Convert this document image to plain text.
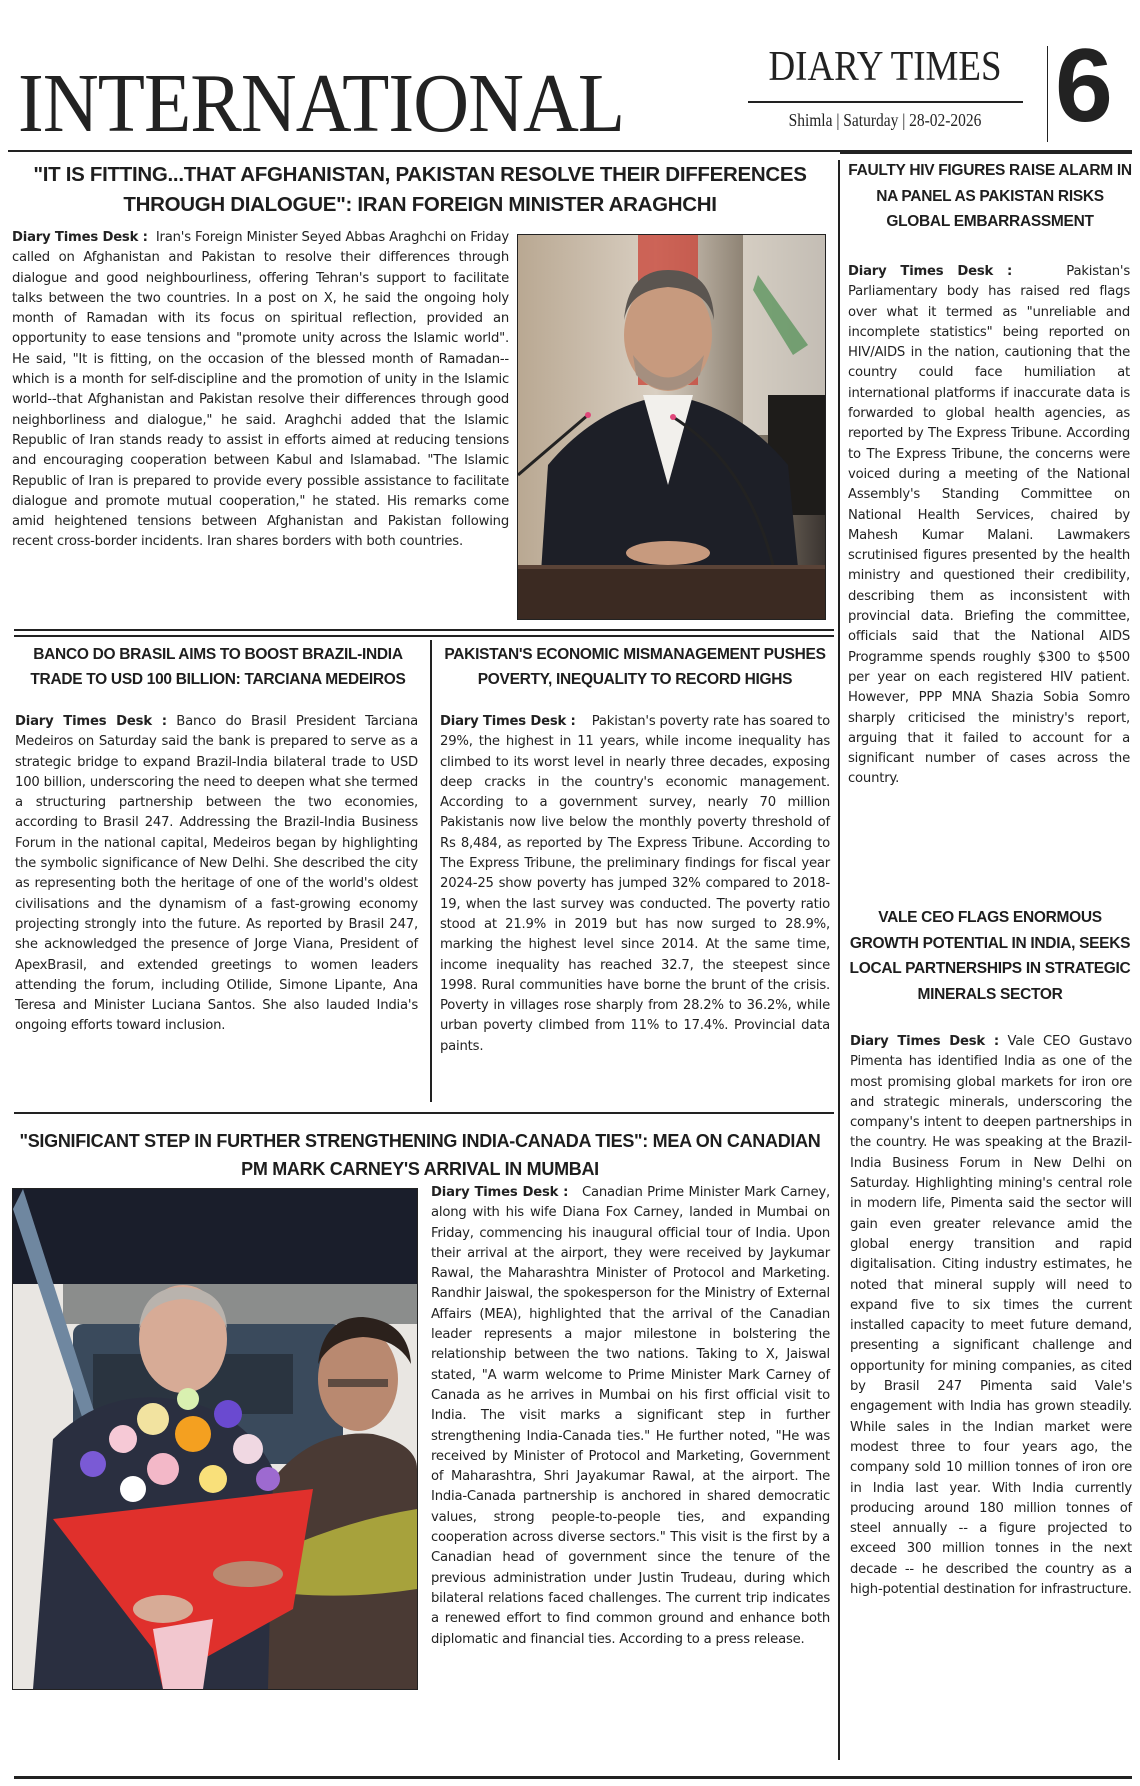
INTERNATIONAL	DIARY TIMES
Shimla | Saturday | 28-02-2026 6
"IT IS FITTING...THAT AFGHANISTAN, PAKISTAN RESOLVE THEIR DIFFERENCES THROUGH DIALOGUE": IRAN FOREIGN MINISTER ARAGHCHI

Diary Times Desk : Iran's Foreign Minister Seyed Abbas Araghchi on Friday called on Afghanistan and Pakistan to resolve their differences through dialogue and good neighbourliness, offering Tehran's support to facilitate talks between the two countries. In a post on X, he said the ongoing holy month of Ramadan with its focus on spiritual reflection, provided an opportunity to ease tensions and "promote unity across the Islamic world". He said, "It is fitting, on the occasion of the blessed month of Ramadan--which is a month for self-discipline and the promotion of unity in the Islamic world--that Afghanistan and Pakistan resolve their differences through good neighborliness and dialogue," he said. Araghchi added that the Islamic Republic of Iran stands ready to assist in efforts aimed at reducing tensions and encouraging cooperation between Kabul and Islamabad. "The Islamic Republic of Iran is prepared to provide every possible assistance to facilitate dialogue and promote mutual cooperation," he stated. His remarks come amid heightened tensions between Afghanistan and Pakistan following recent cross-border incidents. Iran shares borders with both countries.

BANCO DO BRASIL AIMS TO BOOST BRAZIL-INDIA TRADE TO USD 100 BILLION: TARCIANA MEDEIROS

Diary Times Desk : Banco do Brasil President Tarciana Medeiros on Saturday said the bank is prepared to serve as a strategic bridge to expand Brazil-India bilateral trade to USD 100 billion, underscoring the need to deepen what she termed a structuring partnership between the two economies, according to Brasil 247. Addressing the Brazil-India Business Forum in the national capital, Medeiros began by highlighting the symbolic significance of New Delhi. She described the city as representing both the heritage of one of the world's oldest civilisations and the dynamism of a fast-growing economy projecting strongly into the future. As reported by Brasil 247, she acknowledged the presence of Jorge Viana, President of ApexBrasil, and extended greetings to women leaders attending the forum, including Otilide, Simone Lipante, Ana Teresa and Minister Luciana Santos. She also lauded India's ongoing efforts toward inclusion.

PAKISTAN'S ECONOMIC MISMANAGEMENT PUSHES POVERTY, INEQUALITY TO RECORD HIGHS

Diary Times Desk : Pakistan's poverty rate has soared to 29%, the highest in 11 years, while income inequality has climbed to its worst level in nearly three decades, exposing deep cracks in the country's economic management. According to a government survey, nearly 70 million Pakistanis now live below the monthly poverty threshold of Rs 8,484, as reported by The Express Tribune. According to The Express Tribune, the preliminary findings for fiscal year 2024-25 show poverty has jumped 32% compared to 2018-19, when the last survey was conducted. The poverty ratio stood at 21.9% in 2019 but has now surged to 28.9%, marking the highest level since 2014. At the same time, income inequality has reached 32.7, the steepest since 1998. Rural communities have borne the brunt of the crisis. Poverty in villages rose sharply from 28.2% to 36.2%, while urban poverty climbed from 11% to 17.4%. Provincial data paints.

FAULTY HIV FIGURES RAISE ALARM IN NA PANEL AS PAKISTAN RISKS GLOBAL EMBARRASSMENT

Diary Times Desk :	Pakistan's Parliamentary body has raised red flags over what it termed as "unreliable and incomplete statistics" being reported on HIV/AIDS in the nation, cautioning that the country could face humiliation at international platforms if inaccurate data is forwarded to global health agencies, as reported by The Express Tribune. According to The Express Tribune, the concerns were voiced during a meeting of the National Assembly's Standing Committee on National Health Services, chaired by Mahesh Kumar Malani. Lawmakers scrutinised figures presented by the health ministry and questioned their credibility, describing them as inconsistent with provincial data. Briefing the committee, officials said that the National AIDS Programme spends roughly $300 to $500 per year on each registered HIV patient. However, PPP MNA Shazia Sobia Somro sharply criticised the ministry's report, arguing that it failed to account for a significant number of cases across the country.

VALE CEO FLAGS ENORMOUS GROWTH POTENTIAL IN INDIA, SEEKS LOCAL PARTNERSHIPS IN STRATEGIC MINERALS SECTOR

Diary Times Desk : Vale CEO Gustavo Pimenta has identified India as one of the most promising global markets for iron ore and strategic minerals, underscoring the company's intent to deepen partnerships in the country. He was speaking at the Brazil-India Business Forum in New Delhi on Saturday. Highlighting mining's central role in modern life, Pimenta said the sector will gain even greater relevance amid the global energy transition and rapid digitalisation. Citing industry estimates, he noted that mineral supply will need to expand five to six times the current installed capacity to meet future demand, presenting a significant challenge and opportunity for mining companies, as cited by Brasil 247 Pimenta said Vale's engagement with India has grown steadily. While sales in the Indian market were modest three to four years ago, the company sold 10 million tonnes of iron ore in India last year. With India currently producing around 180 million tonnes of steel annually -- a figure projected to exceed 300 million tonnes in the next decade -- he described the country as a high-potential destination for infrastructure.

"SIGNIFICANT STEP IN FURTHER STRENGTHENING INDIA-CANADA TIES": MEA ON CANADIAN PM MARK CARNEY'S ARRIVAL IN MUMBAI

Diary Times Desk : Canadian Prime Minister Mark Carney, along with his wife Diana Fox Carney, landed in Mumbai on Friday, commencing his inaugural official tour of India. Upon their arrival at the airport, they were received by Jaykumar Rawal, the Maharashtra Minister of Protocol and Marketing. Randhir Jaiswal, the spokesperson for the Ministry of External Affairs (MEA), highlighted that the arrival of the Canadian leader represents a major milestone in bolstering the relationship between the two nations. Taking to X, Jaiswal stated, "A warm welcome to Prime Minister Mark Carney of Canada as he arrives in Mumbai on his first official visit to India. The visit marks a significant step in further strengthening India-Canada ties." He further noted, "He was received by Minister of Protocol and Marketing, Government of Maharashtra, Shri Jayakumar Rawal, at the airport. The India-Canada partnership is anchored in shared democratic values, strong people-to-people ties, and expanding cooperation across diverse sectors." This visit is the first by a Canadian head of government since the tenure of the previous administration under Justin Trudeau, during which bilateral relations faced challenges. The current trip indicates a renewed effort to find common ground and enhance both diplomatic and financial ties. According to a press release.
